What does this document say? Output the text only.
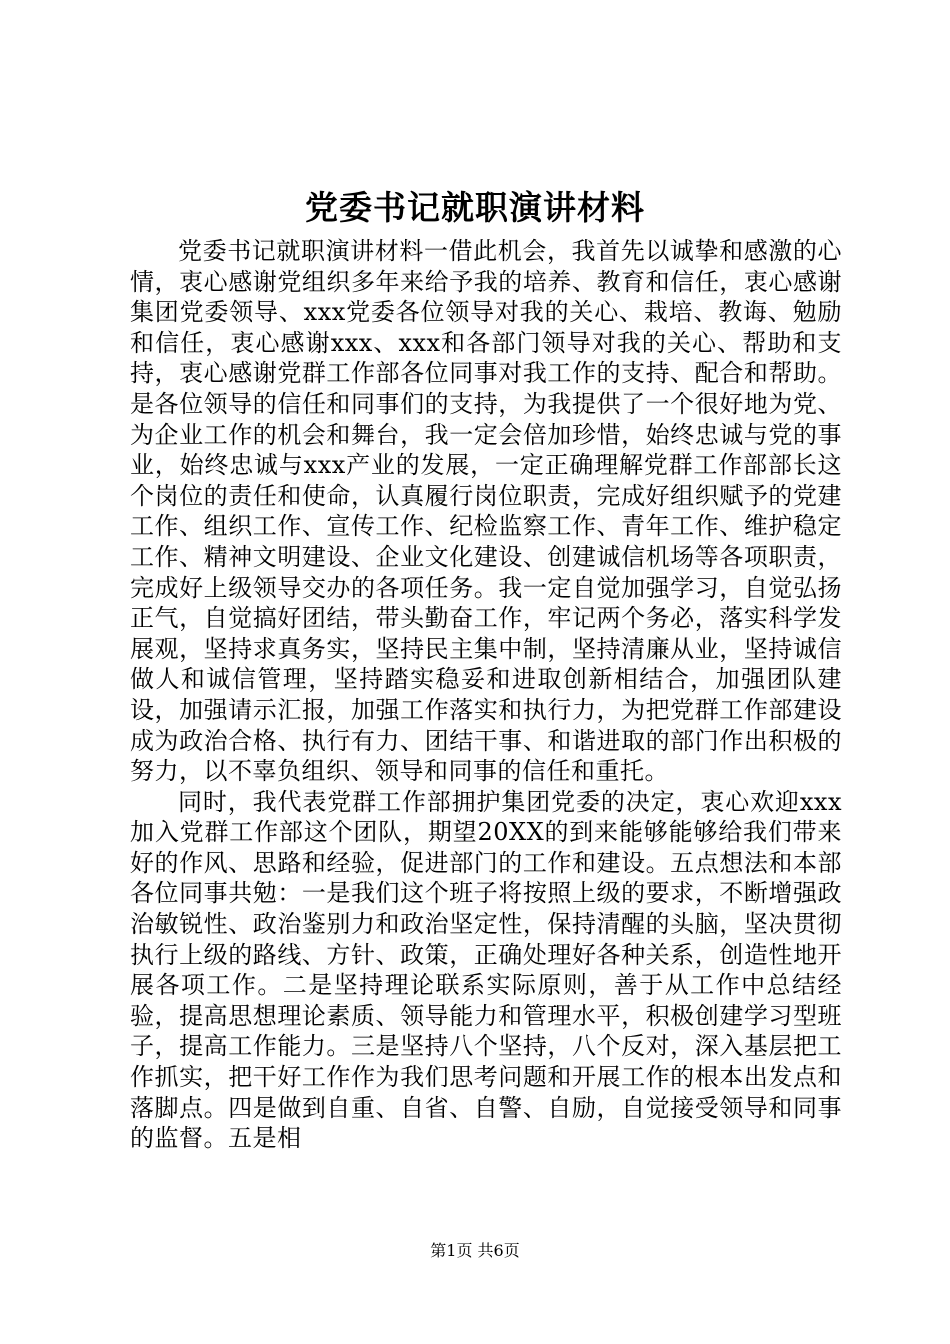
党委书记就职演讲材料

党委书记就职演讲材料一借此机会，我首先以诚挚和感激的心情，衷心感谢党组织多年来给予我的培养、教育和信任，衷心感谢集团党委领导、xxx党委各位领导对我的关心、栽培、教诲、勉励和信任，衷心感谢xxx、xxx和各部门领导对我的关心、帮助和支持，衷心感谢党群工作部各位同事对我工作的支持、配合和帮助。是各位领导的信任和同事们的支持，为我提供了一个很好地为党、为企业工作的机会和舞台，我一定会倍加珍惜，始终忠诚与党的事业，始终忠诚与xxx产业的发展，一定正确理解党群工作部部长这个岗位的责任和使命，认真履行岗位职责，完成好组织赋予的党建工作、组织工作、宣传工作、纪检监察工作、青年工作、维护稳定工作、精神文明建设、企业文化建设、创建诚信机场等各项职责，完成好上级领导交办的各项任务。我一定自觉加强学习，自觉弘扬正气，自觉搞好团结，带头勤奋工作，牢记两个务必，落实科学发展观，坚持求真务实，坚持民主集中制，坚持清廉从业，坚持诚信做人和诚信管理，坚持踏实稳妥和进取创新相结合，加强团队建设，加强请示汇报，加强工作落实和执行力，为把党群工作部建设成为政治合格、执行有力、团结干事、和谐进取的部门作出积极的努力，以不辜负组织、领导和同事的信任和重托。

同时，我代表党群工作部拥护集团党委的决定，衷心欢迎xxx加入党群工作部这个团队，期望20XX的到来能够能够给我们带来好的作风、思路和经验，促进部门的工作和建设。五点想法和本部各位同事共勉：一是我们这个班子将按照上级的要求，不断增强政治敏锐性、政治鉴别力和政治坚定性，保持清醒的头脑，坚决贯彻执行上级的路线、方针、政策，正确处理好各种关系，创造性地开展各项工作。二是坚持理论联系实际原则，善于从工作中总结经验，提高思想理论素质、领导能力和管理水平，积极创建学习型班子，提高工作能力。三是坚持八个坚持，八个反对，深入基层把工作抓实，把干好工作作为我们思考问题和开展工作的根本出发点和落脚点。四是做到自重、自省、自警、自励，自觉接受领导和同事的监督。五是相

第1页 共6页
